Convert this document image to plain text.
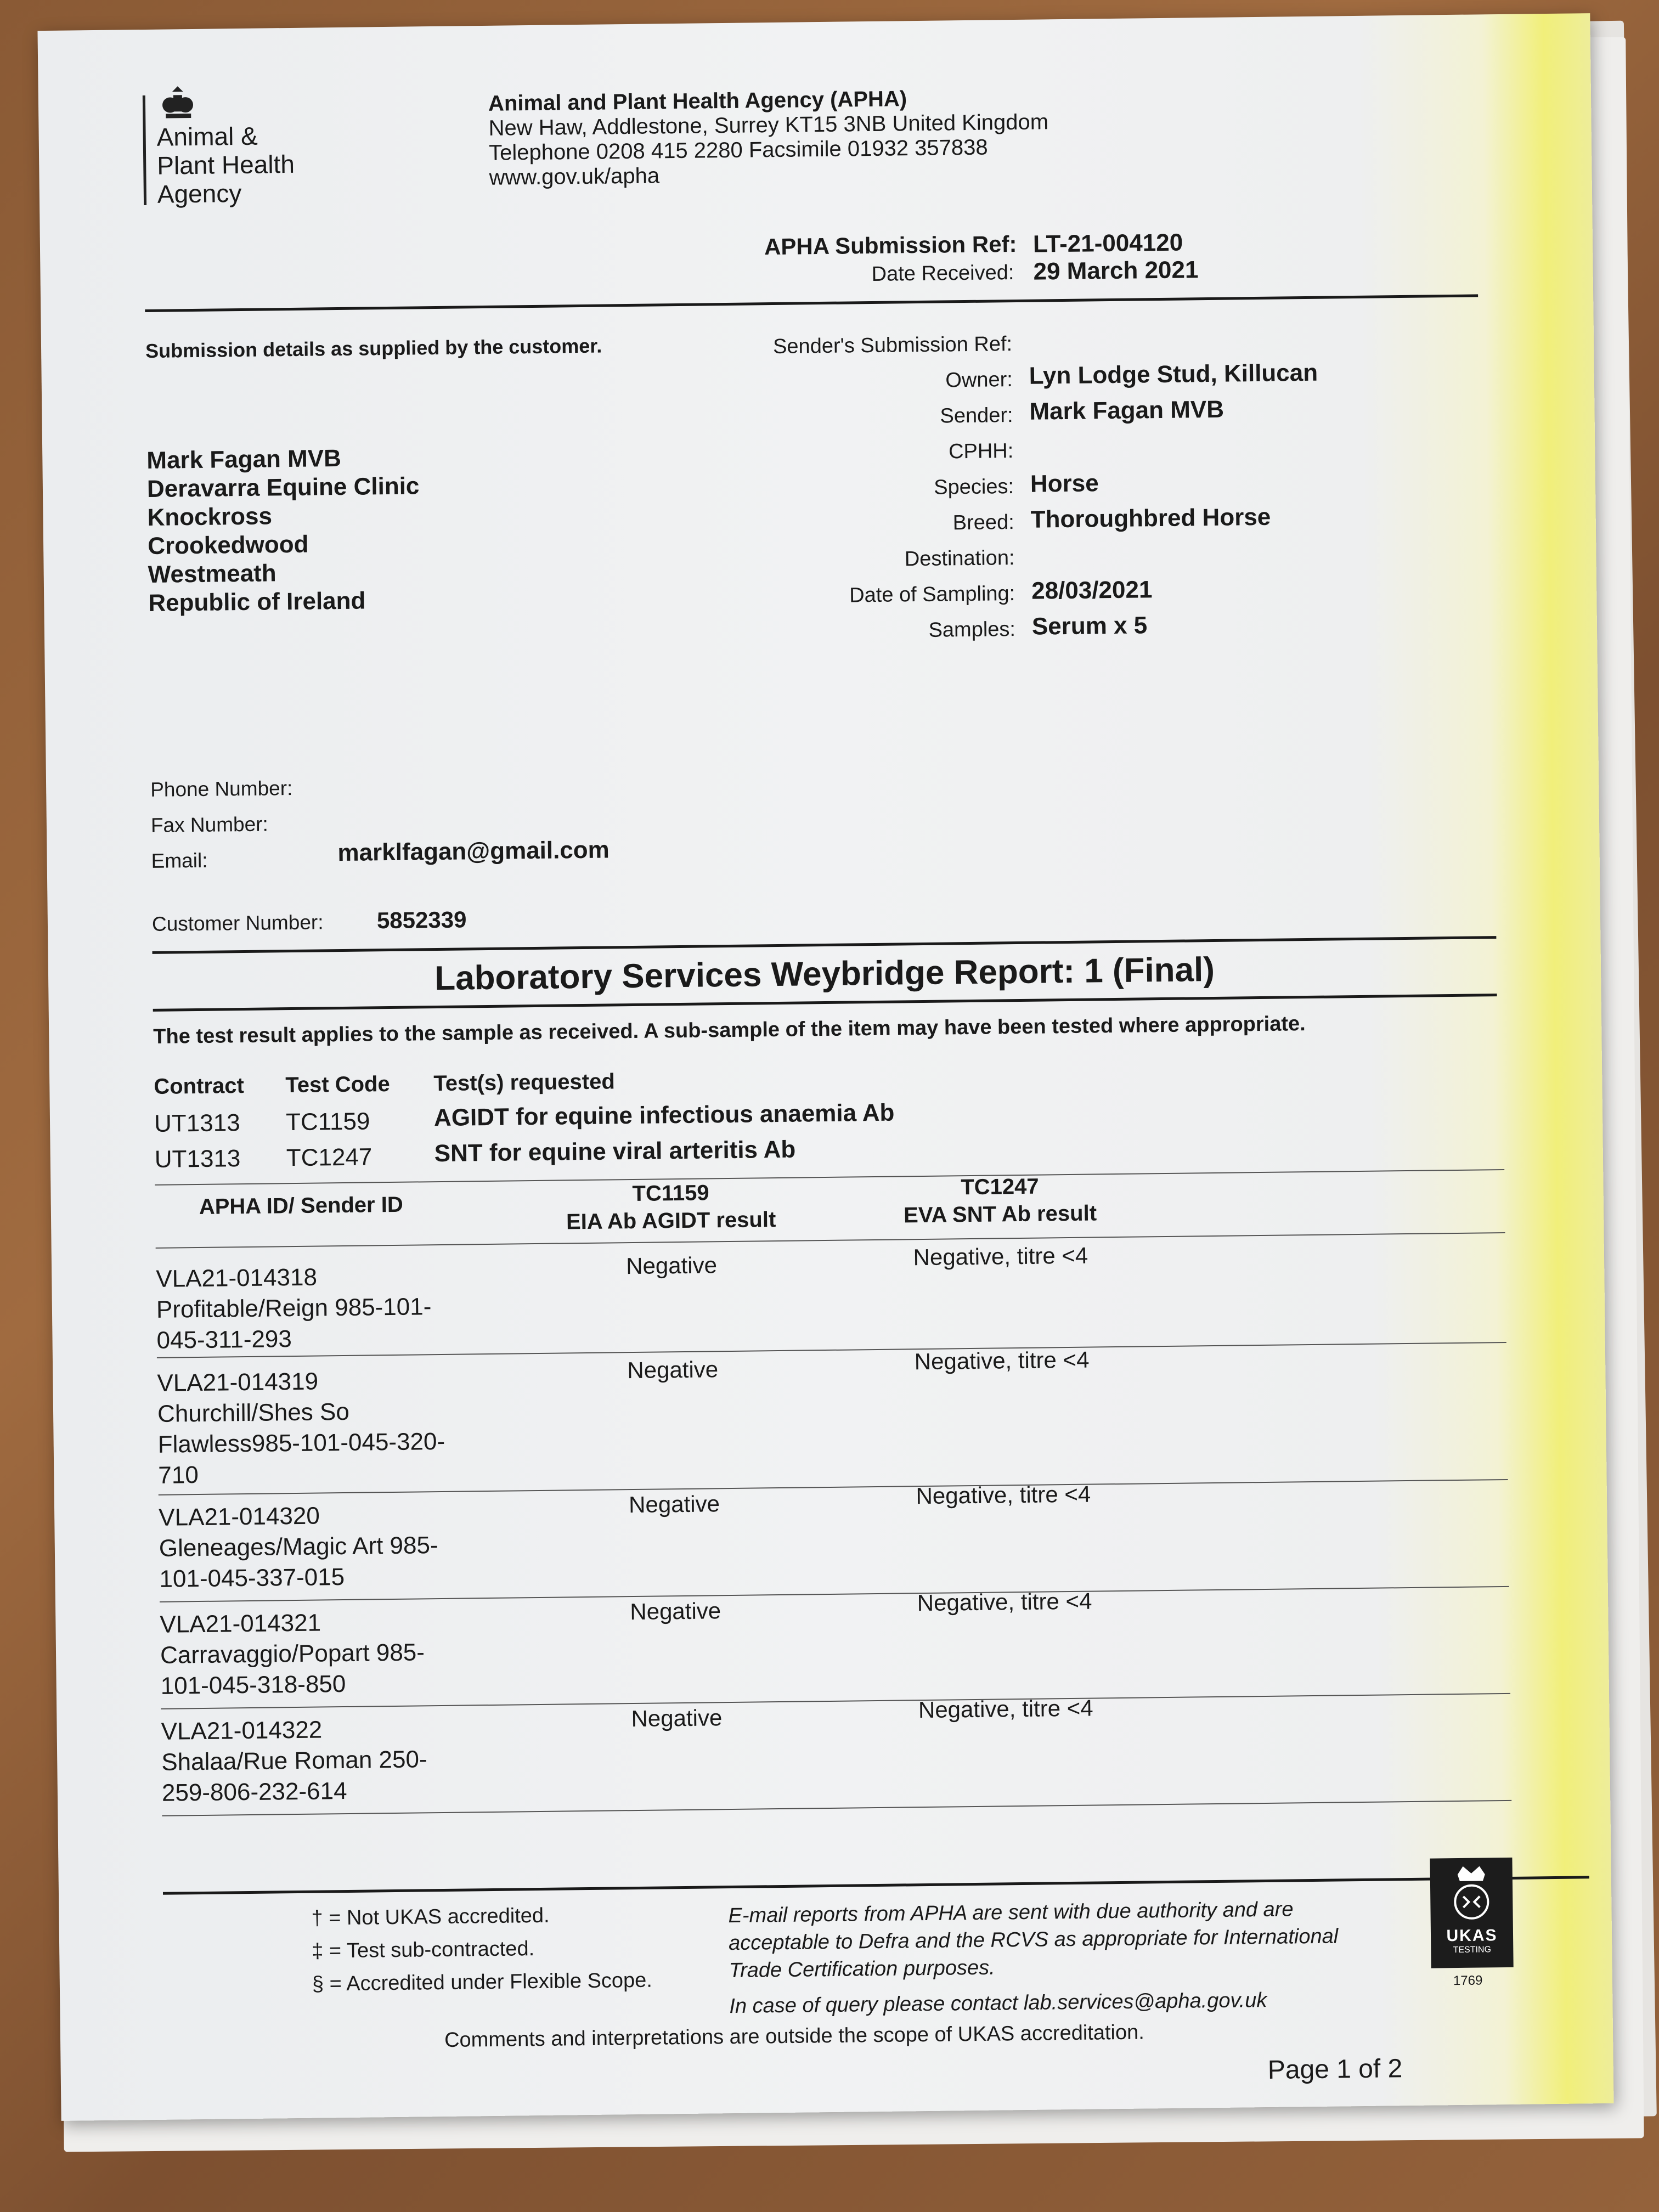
Animal &
Plant Health
Agency
Animal and Plant Health Agency (APHA)
New Haw, Addlestone, Surrey KT15 3NB United Kingdom
Telephone 0208 415 2280 Facsimile 01932 357838
www.gov.uk/apha
APHA Submission Ref: LT-21-004120
Date Received: 29 March 2021
Submission details as supplied by the customer.
Mark Fagan MVB
Deravarra Equine Clinic
Knockross
Crookedwood
Westmeath
Republic of Ireland
Sender's Submission Ref:
Owner: Lyn Lodge Stud, Killucan
Sender: Mark Fagan MVB
CPHH:
Species: Horse
Breed: Thoroughbred Horse
Destination:
Date of Sampling: 28/03/2021
Samples: Serum x 5
Phone Number:
Fax Number:
Email:	marklfagan@gmail.com
Customer Number: 5852339
Laboratory Services Weybridge Report: 1 (Final)
The test result applies to the sample as received. A sub-sample of the item may have been tested where appropriate.
Contract Test Code Test(s) requested
UT1313 TC1159	AGIDT for equine infectious anaemia Ab
UT1313 TC1247	SNT for equine viral arteritis Ab
APHA ID/ Sender ID	TC1159
EIA Ab AGIDT result
TC1247
EVA SNT Ab result
VLA21-014318
Profitable/Reign 985-101-
045-311-293
Negative	Negative, titre <4
VLA21-014319
Churchill/Shes So
Flawless985-101-045-320-
710
Negative	Negative, titre <4
VLA21-014320
Gleneages/Magic Art 985-
101-045-337-015
Negative	Negative, titre <4
VLA21-014321
Carravaggio/Popart 985-
101-045-318-850
Negative	Negative, titre <4
VLA21-014322
Shalaa/Rue Roman 250-
259-806-232-614
Negative	Negative, titre <4
† = Not UKAS accredited.
‡ = Test sub-contracted.
§ = Accredited under Flexible Scope.
E-mail reports from APHA are sent with due authority and are
acceptable to Defra and the RCVS as appropriate for International
Trade Certification purposes.
In case of query please contact lab.services@apha.gov.uk
UKAS
TESTING
1769
Comments and interpretations are outside the scope of UKAS accreditation.
Page 1 of 2
